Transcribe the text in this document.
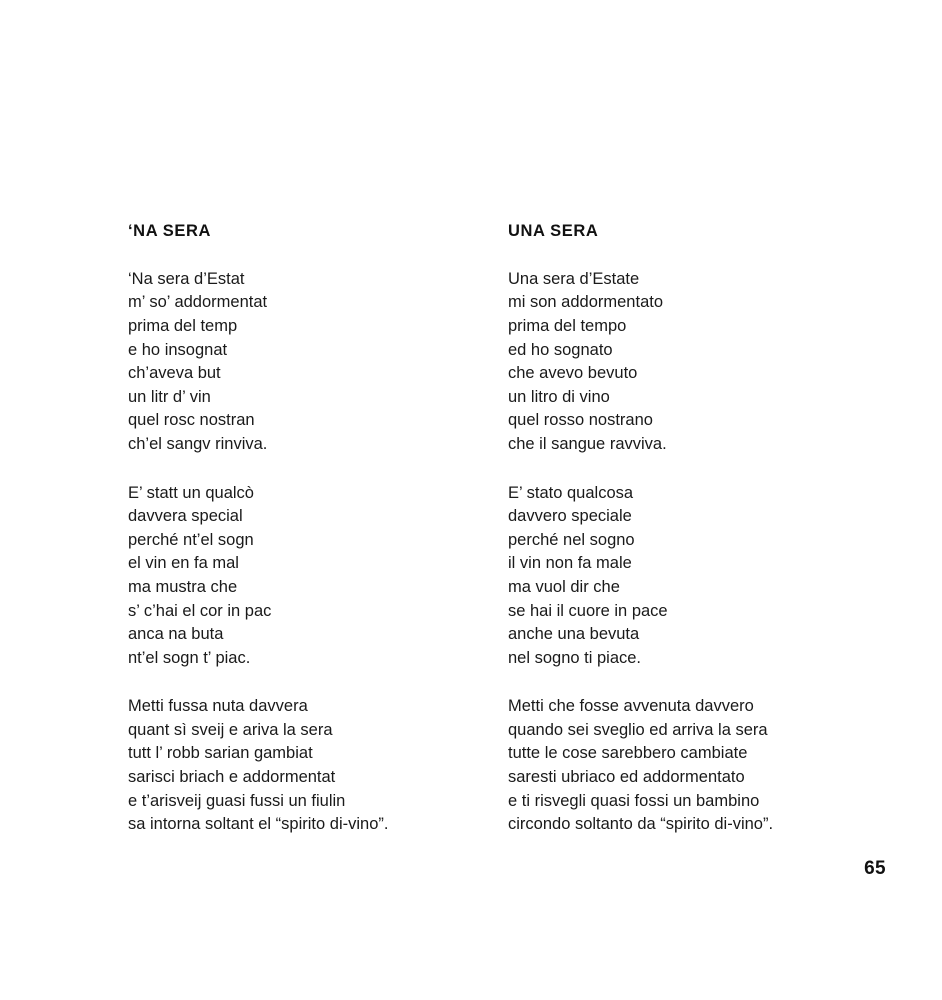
‘NA SERA
‘Na sera d’Estat
m’ so’ addormentat
prima del temp
e ho insognat
ch’aveva but
un litr d’ vin
quel rosc nostran
ch’el sangv rinviva.
E’ statt un qualcò
davvera special
perché nt’el sogn
el vin en fa mal
ma mustra che
s’ c’hai el cor in pac
anca na buta
nt’el sogn t’ piac.
Metti fussa nuta davvera
quant sì sveij e ariva la sera
tutt l’ robb sarian gambiat
sarisci briach e addormentat
e t’arisveij guasi fussi un fiulin
sa intorna soltant el “spirito di-vino”.
UNA SERA
Una sera d’Estate
mi son addormentato
prima del tempo
ed ho sognato
che avevo bevuto
un litro di vino
quel rosso nostrano
che il sangue ravviva.
E’ stato qualcosa
davvero speciale
perché nel sogno
il vin non fa male
ma vuol dir che
se hai il cuore in pace
anche una bevuta
nel sogno ti piace.
Metti che fosse avvenuta davvero
quando sei sveglio ed arriva la sera
tutte le cose sarebbero cambiate
saresti ubriaco ed addormentato
e ti risvegli quasi fossi un bambino
circondo soltanto da “spirito di-vino”.
65
